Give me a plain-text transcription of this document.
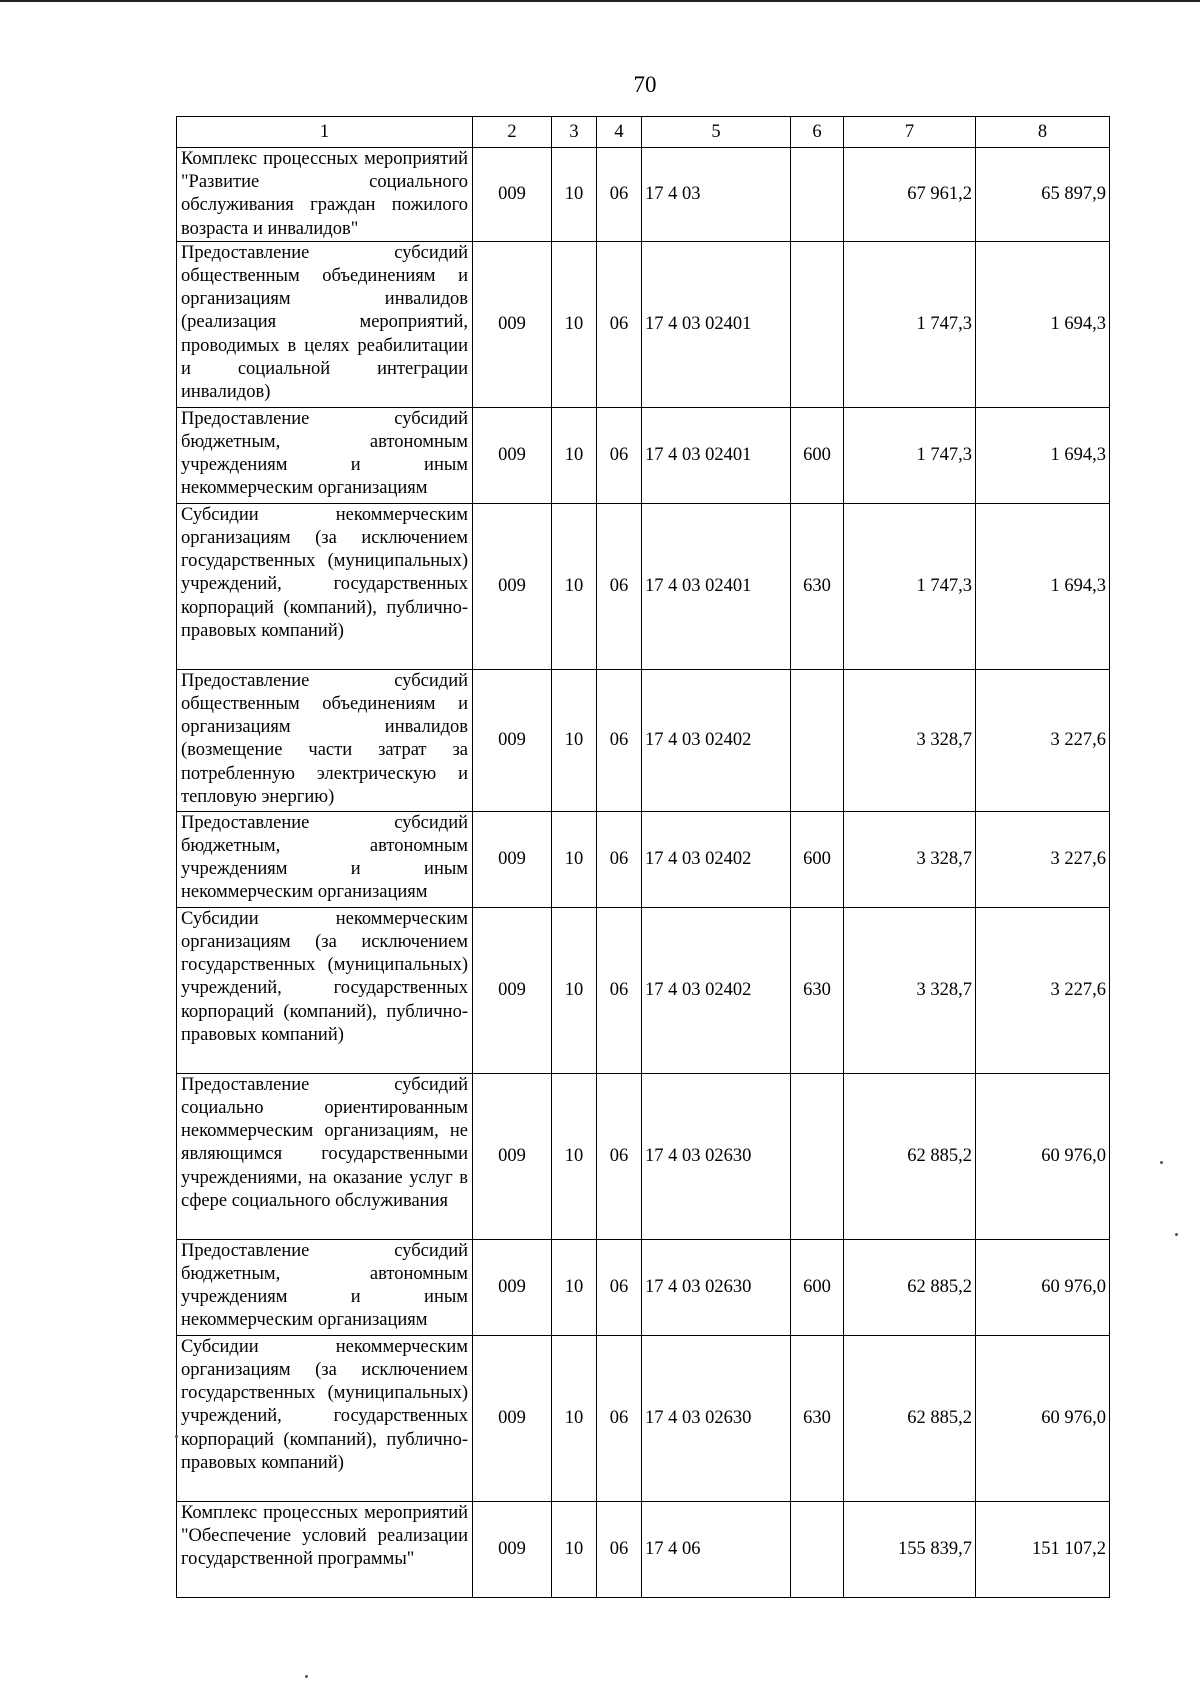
70
1	2	3	4	5	6	7	8
Комплекс процессных мероприятий "Развитие социального обслуживания граждан пожилого возраста и инвалидов"	009	10	06	17 4 03		67 961,2	65 897,9
Предоставление субсидий общественным объединениям и организациям инвалидов (реализация мероприятий, проводимых в целях реабилитации и социальной интеграции инвалидов)	009	10	06	17 4 03 02401		1 747,3	1 694,3
Предоставление субсидий бюджетным, автономным учреждениям и иным некоммерческим организациям	009	10	06	17 4 03 02401	600	1 747,3	1 694,3
Субсидии некоммерческим организациям (за исключением государственных (муниципальных) учреждений, государственных корпораций (компаний), публично-правовых компаний)	009	10	06	17 4 03 02401	630	1 747,3	1 694,3
Предоставление субсидий общественным объединениям и организациям инвалидов (возмещение части затрат за потребленную электрическую и тепловую энергию)	009	10	06	17 4 03 02402		3 328,7	3 227,6
Предоставление субсидий бюджетным, автономным учреждениям и иным некоммерческим организациям	009	10	06	17 4 03 02402	600	3 328,7	3 227,6
Субсидии некоммерческим организациям (за исключением государственных (муниципальных) учреждений, государственных корпораций (компаний), публично-правовых компаний)	009	10	06	17 4 03 02402	630	3 328,7	3 227,6
Предоставление субсидий социально ориентированным некоммерческим организациям, не являющимся государственными учреждениями, на оказание услуг в сфере социального обслуживания	009	10	06	17 4 03 02630		62 885,2	60 976,0
Предоставление субсидий бюджетным, автономным учреждениям и иным некоммерческим организациям	009	10	06	17 4 03 02630	600	62 885,2	60 976,0
Субсидии некоммерческим организациям (за исключением государственных (муниципальных) учреждений, государственных корпораций (компаний), публично-правовых компаний)	009	10	06	17 4 03 02630	630	62 885,2	60 976,0
Комплекс процессных мероприятий "Обеспечение условий реализации государственной программы"	009	10	06	17 4 06		155 839,7	151 107,2
